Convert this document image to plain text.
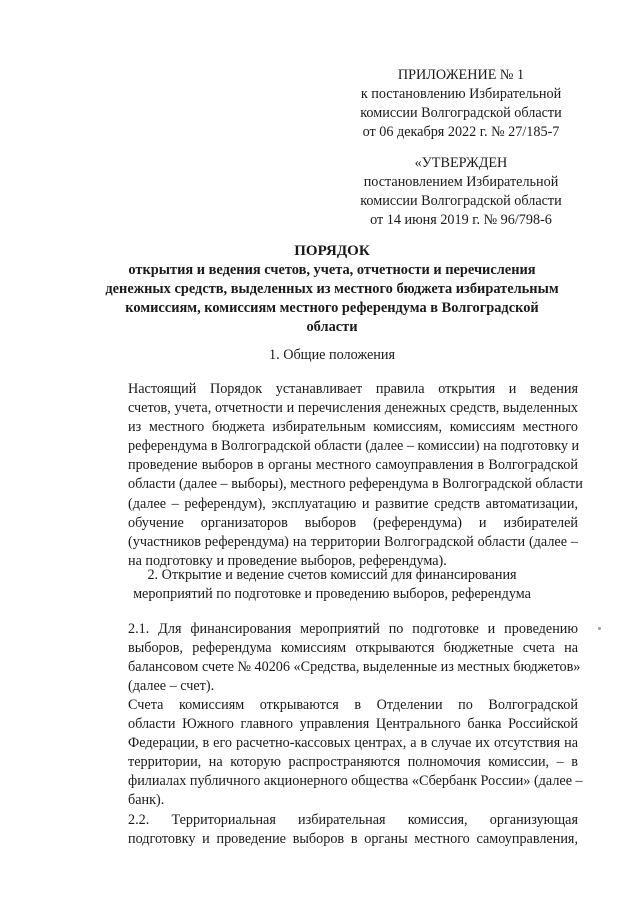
ПРИЛОЖЕНИЕ № 1
к постановлению Избирательной
комиссии Волгоградской области
от 06 декабря 2022 г. № 27/185-7
«УТВЕРЖДЕН
постановлением Избирательной
комиссии Волгоградской области
от 14 июня 2019 г. № 96/798-6
ПОРЯДОК
открытия и ведения счетов, учета, отчетности и перечисления
денежных средств, выделенных из местного бюджета избирательным
комиссиям, комиссиям местного референдума в Волгоградской
области
1. Общие положения
Настоящий Порядок устанавливает правила открытия и ведения
счетов, учета, отчетности и перечисления денежных средств, выделенных
из местного бюджета избирательным комиссиям, комиссиям местного
референдума в Волгоградской области (далее – комиссии) на подготовку и
проведение выборов в органы местного самоуправления в Волгоградской
области (далее – выборы), местного референдума в Волгоградской области
(далее – референдум), эксплуатацию и развитие средств автоматизации,
обучение организаторов выборов (референдума) и избирателей
(участников референдума) на территории Волгоградской области (далее –
на подготовку и проведение выборов, референдума).
2. Открытие и ведение счетов комиссий для финансирования
мероприятий по подготовке и проведению выборов, референдума
2.1. Для финансирования мероприятий по подготовке и проведению
выборов, референдума комиссиям открываются бюджетные счета на
балансовом счете № 40206 «Средства, выделенные из местных бюджетов»
(далее – счет).
Счета комиссиям открываются в Отделении по Волгоградской
области Южного главного управления Центрального банка Российской
Федерации, в его расчетно-кассовых центрах, а в случае их отсутствия на
территории, на которую распространяются полномочия комиссии, – в
филиалах публичного акционерного общества «Сбербанк России» (далее –
банк).
2.2. Территориальная избирательная комиссия, организующая
подготовку и проведение выборов в органы местного самоуправления,
